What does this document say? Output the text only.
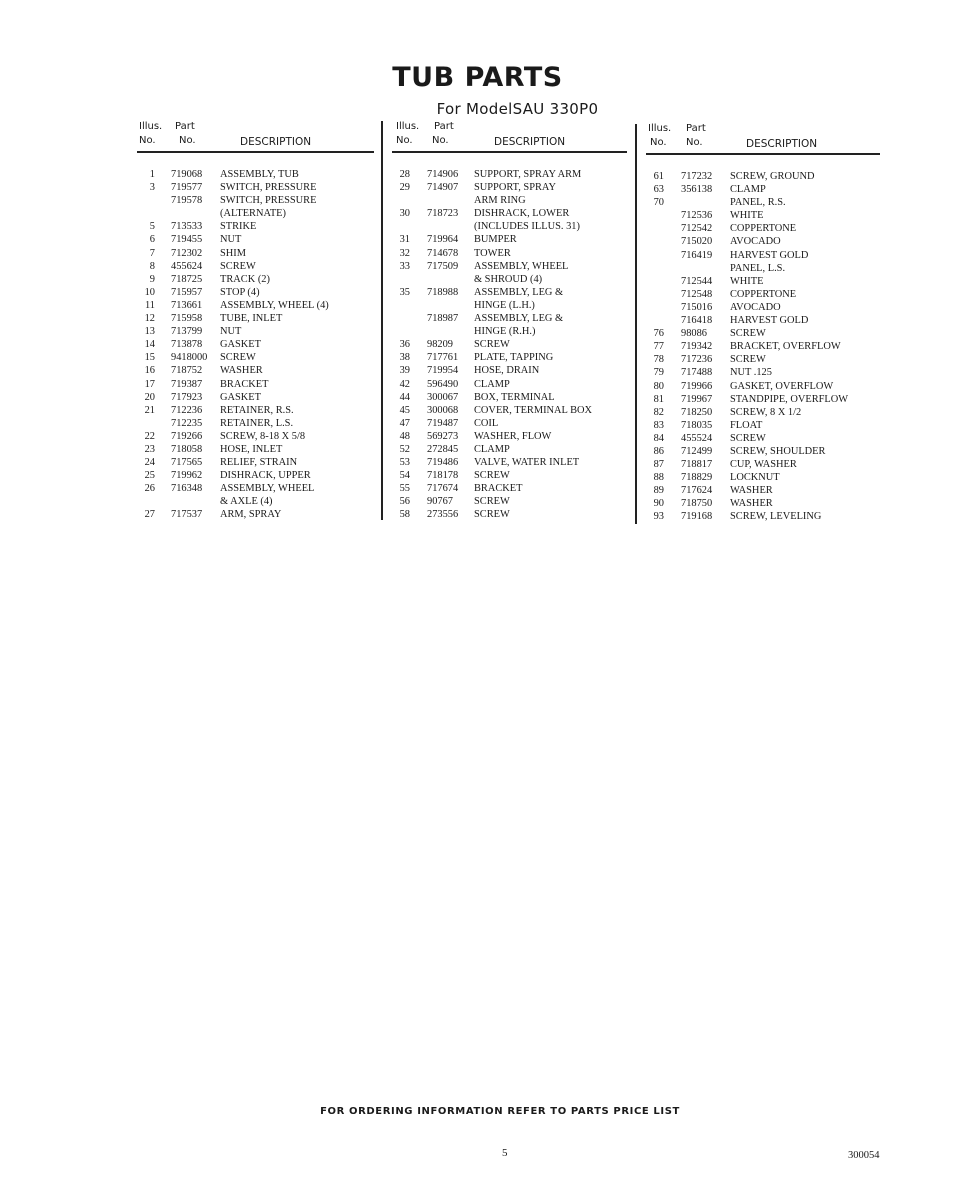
TUB PARTS
For ModelSAU 330P0
Illus. Part
No. No.	DESCRIPTION
1 719068 ASSEMBLY, TUB
3 719577 SWITCH, PRESSURE
719578 SWITCH, PRESSURE
(ALTERNATE)
5 713533 STRIKE
6 719455 NUT
7 712302 SHIM
8 455624 SCREW
9 718725 TRACK (2)
10 715957 STOP (4)
11 713661 ASSEMBLY, WHEEL (4)
12 715958 TUBE, INLET
13 713799 NUT
14 713878 GASKET
15 9418000 SCREW
16 718752 WASHER
17 719387 BRACKET
20 717923 GASKET
21 712236 RETAINER, R.S.
712235 RETAINER, L.S.
22 719266 SCREW, 8-18 X 5/8
23 718058 HOSE, INLET
24 717565 RELIEF, STRAIN
25 719962 DISHRACK, UPPER
26 716348 ASSEMBLY, WHEEL
& AXLE (4)
27 717537 ARM, SPRAY
Illus. Part
No. No.	DESCRIPTION
28 714906 SUPPORT, SPRAY ARM
29 714907 SUPPORT, SPRAY
ARM RING
30 718723 DISHRACK, LOWER
(INCLUDES ILLUS. 31)
31 719964 BUMPER
32 714678 TOWER
33 717509 ASSEMBLY, WHEEL
& SHROUD (4)
35 718988 ASSEMBLY, LEG &
HINGE (L.H.)
718987 ASSEMBLY, LEG &
HINGE (R.H.)
36 98209 SCREW
38 717761 PLATE, TAPPING
39 719954 HOSE, DRAIN
42 596490 CLAMP
44 300067 BOX, TERMINAL
45 300068 COVER, TERMINAL BOX
47 719487 COIL
48 569273 WASHER, FLOW
52 272845 CLAMP
53 719486 VALVE, WATER INLET
54 718178 SCREW
55 717674 BRACKET
56 90767 SCREW
58 273556 SCREW
Illus. Part
No. No.	DESCRIPTION
61 717232 SCREW, GROUND
63 356138 CLAMP
70	PANEL, R.S.
712536 WHITE
712542 COPPERTONE
715020 AVOCADO
716419 HARVEST GOLD
PANEL, L.S.
712544 WHITE
712548 COPPERTONE
715016 AVOCADO
716418 HARVEST GOLD
76 98086 SCREW
77 719342 BRACKET, OVERFLOW
78 717236 SCREW
79 717488 NUT .125
80 719966 GASKET, OVERFLOW
81 719967 STANDPIPE, OVERFLOW
82 718250 SCREW, 8 X 1/2
83 718035 FLOAT
84 455524 SCREW
86 712499 SCREW, SHOULDER
87 718817 CUP, WASHER
88 718829 LOCKNUT
89 717624 WASHER
90 718750 WASHER
93 719168 SCREW, LEVELING
FOR ORDERING INFORMATION REFER TO PARTS PRICE LIST
5	300054
